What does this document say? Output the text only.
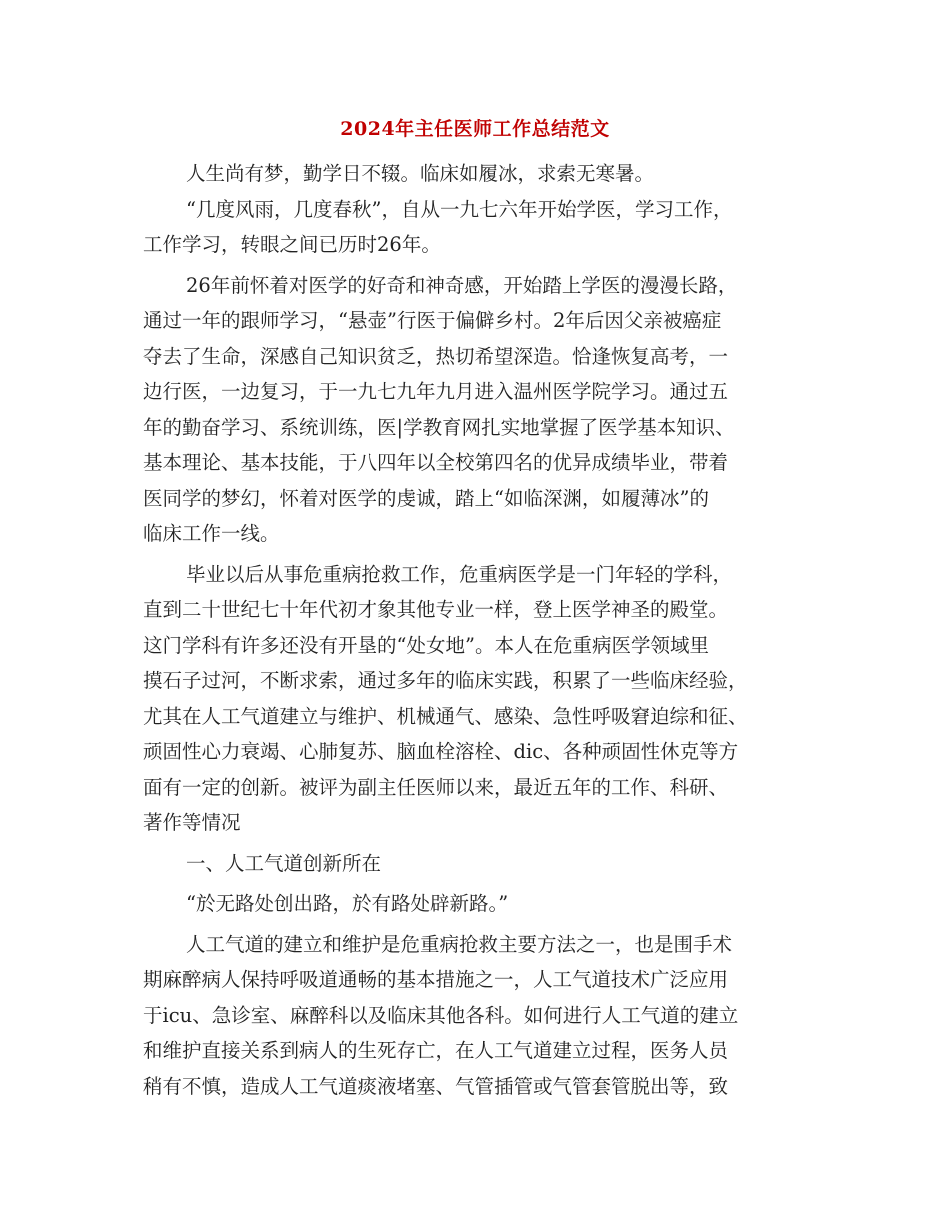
2024年主任医师工作总结范文
人生尚有梦，勤学日不辍。临床如履冰，求索无寒暑。
“几度风雨，几度春秋”，自从一九七六年开始学医，学习工作，
工作学习，转眼之间已历时26年。
26年前怀着对医学的好奇和神奇感，开始踏上学医的漫漫长路，
通过一年的跟师学习，“悬壶”行医于偏僻乡村。2年后因父亲被癌症
夺去了生命，深感自己知识贫乏，热切希望深造。恰逢恢复高考，一
边行医，一边复习，于一九七九年九月进入温州医学院学习。通过五
年的勤奋学习、系统训练，医|学教育网扎实地掌握了医学基本知识、
基本理论、基本技能，于八四年以全校第四名的优异成绩毕业，带着
医同学的梦幻，怀着对医学的虔诚，踏上“如临深渊，如履薄冰”的
临床工作一线。
毕业以后从事危重病抢救工作，危重病医学是一门年轻的学科，
直到二十世纪七十年代初才象其他专业一样，登上医学神圣的殿堂。
这门学科有许多还没有开垦的“处女地”。本人在危重病医学领域里
摸石子过河，不断求索，通过多年的临床实践，积累了一些临床经验，
尤其在人工气道建立与维护、机械通气、感染、急性呼吸窘迫综和征、
顽固性心力衰竭、心肺复苏、脑血栓溶栓、dic、各种顽固性休克等方
面有一定的创新。被评为副主任医师以来，最近五年的工作、科研、
著作等情况
一、人工气道创新所在
“於无路处创出路，於有路处辟新路。”
人工气道的建立和维护是危重病抢救主要方法之一，也是围手术
期麻醉病人保持呼吸道通畅的基本措施之一，人工气道技术广泛应用
于icu、急诊室、麻醉科以及临床其他各科。如何进行人工气道的建立
和维护直接关系到病人的生死存亡，在人工气道建立过程，医务人员
稍有不慎，造成人工气道痰液堵塞、气管插管或气管套管脱出等，致
